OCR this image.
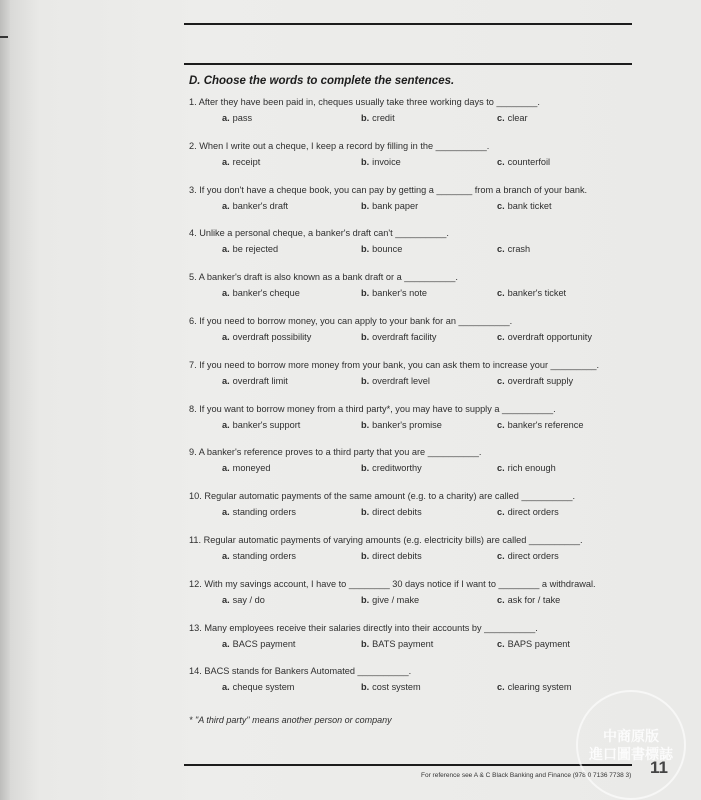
D. Choose the words to complete the sentences.
1. After they have been paid in, cheques usually take three working days to ________.
a. pass	b. credit	c. clear
2. When I write out a cheque, I keep a record by filling in the __________.
a. receipt	b. invoice	c. counterfoil
3. If you don't have a cheque book, you can pay by getting a _______ from a branch of your bank.
a. banker's draft	b. bank paper	c. bank ticket
4. Unlike a personal cheque, a banker's draft can't __________.
a. be rejected	b. bounce	c. crash
5. A banker's draft is also known as a bank draft or a __________.
a. banker's cheque	b. banker's note	c. banker's ticket
6. If you need to borrow money, you can apply to your bank for an __________.
a. overdraft possibility	b. overdraft facility	c. overdraft opportunity
7. If you need to borrow more money from your bank, you can ask them to increase your _________.
a. overdraft limit	b. overdraft level	c. overdraft supply
8. If you want to borrow money from a third party*, you may have to supply a __________.
a. banker's support	b. banker's promise	c. banker's reference
9. A banker's reference proves to a third party that you are __________.
a. moneyed	b. creditworthy	c. rich enough
10. Regular automatic payments of the same amount (e.g. to a charity) are called __________.
a. standing orders	b. direct debits	c. direct orders
11. Regular automatic payments of varying amounts (e.g. electricity bills) are called __________.
a. standing orders	b. direct debits	c. direct orders
12. With my savings account, I have to ________ 30 days notice if I want to ________ a withdrawal.
a. say / do	b. give / make	c. ask for / take
13. Many employees receive their salaries directly into their accounts by __________.
a. BACS payment	b. BATS payment	c. BAPS payment
14. BACS stands for Bankers Automated __________.
a. cheque system	b. cost system	c. clearing system
* "A third party" means another person or company
For reference see A & C Black Banking and Finance (978 0 7136 7738 3) 11
中商原版
進口圖書標誌
